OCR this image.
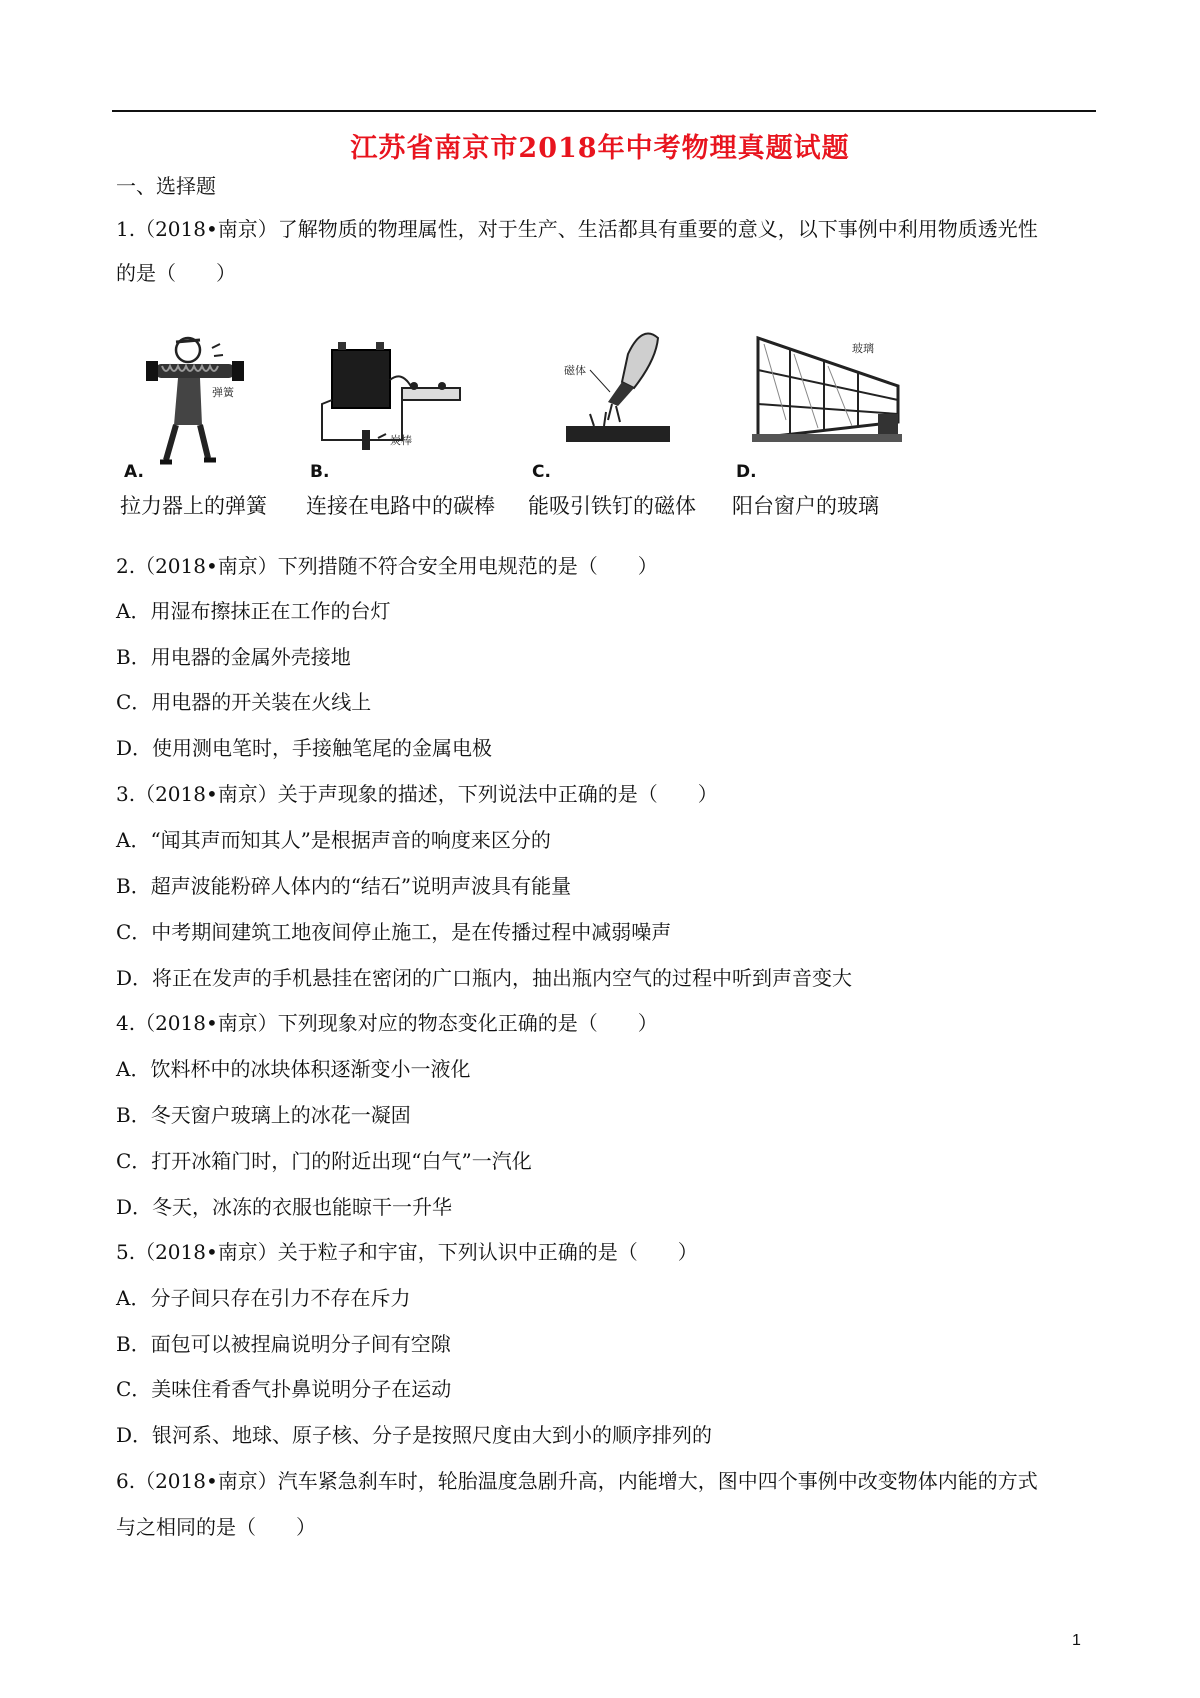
江苏省南京市2018年中考物理真题试题
一、选择题
1.（2018•南京）了解物质的物理属性，对于生产、生活都具有重要的意义，以下事例中利用物质透光性
的是（　　）
弹簧
A.
拉力器上的弹簧
炭棒
B.
连接在电路中的碳棒
磁体
C.
能吸引铁钉的磁体
玻璃
D.
阳台窗户的玻璃
2.（2018•南京）下列措随不符合安全用电规范的是（　　）
A．用湿布擦抹正在工作的台灯
B．用电器的金属外壳接地
C．用电器的开关装在火线上
D．使用测电笔时，手接触笔尾的金属电极
3.（2018•南京）关于声现象的描述，下列说法中正确的是（　　）
A．“闻其声而知其人”是根据声音的响度来区分的
B．超声波能粉碎人体内的“结石”说明声波具有能量
C．中考期间建筑工地夜间停止施工，是在传播过程中减弱噪声
D．将正在发声的手机悬挂在密闭的广口瓶内，抽出瓶内空气的过程中听到声音变大
4.（2018•南京）下列现象对应的物态变化正确的是（　　）
A．饮料杯中的冰块体积逐渐变小一液化
B．冬天窗户玻璃上的冰花一凝固
C．打开冰箱门时，门的附近出现“白气”一汽化
D．冬天，冰冻的衣服也能晾干一升华
5.（2018•南京）关于粒子和宇宙，下列认识中正确的是（　　）
A．分子间只存在引力不存在斥力
B．面包可以被捏扁说明分子间有空隙
C．美味住肴香气扑鼻说明分子在运动
D．银河系、地球、原子核、分子是按照尺度由大到小的顺序排列的
6.（2018•南京）汽车紧急刹车时，轮胎温度急剧升高，内能增大，图中四个事例中改变物体内能的方式
与之相同的是（　　）
1
